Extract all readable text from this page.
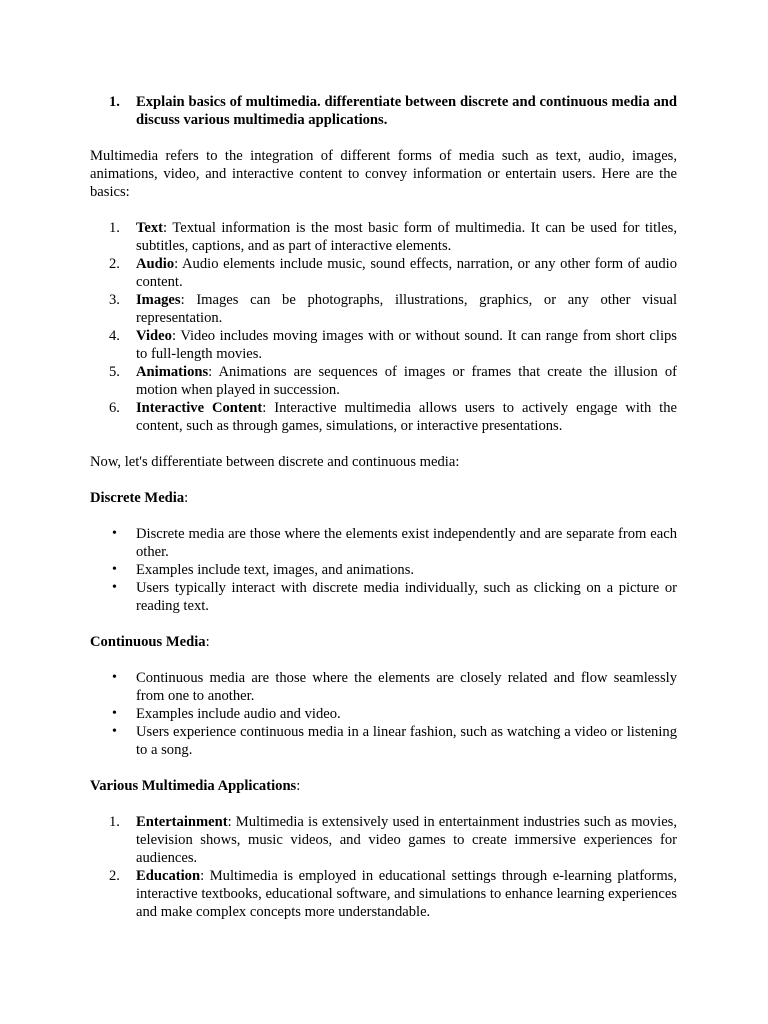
1. Explain basics of multimedia. differentiate between discrete and continuous media and discuss various multimedia applications.

Multimedia refers to the integration of different forms of media such as text, audio, images, animations, video, and interactive content to convey information or entertain users. Here are the basics:

1. Text: Textual information is the most basic form of multimedia. It can be used for titles, subtitles, captions, and as part of interactive elements.
2. Audio: Audio elements include music, sound effects, narration, or any other form of audio content.
3. Images: Images can be photographs, illustrations, graphics, or any other visual representation.
4. Video: Video includes moving images with or without sound. It can range from short clips to full-length movies.
5. Animations: Animations are sequences of images or frames that create the illusion of motion when played in succession.
6. Interactive Content: Interactive multimedia allows users to actively engage with the content, such as through games, simulations, or interactive presentations.

Now, let's differentiate between discrete and continuous media:

Discrete Media:

• Discrete media are those where the elements exist independently and are separate from each other.
• Examples include text, images, and animations.
• Users typically interact with discrete media individually, such as clicking on a picture or reading text.

Continuous Media:

• Continuous media are those where the elements are closely related and flow seamlessly from one to another.
• Examples include audio and video.
• Users experience continuous media in a linear fashion, such as watching a video or listening to a song.

Various Multimedia Applications:

1. Entertainment: Multimedia is extensively used in entertainment industries such as movies, television shows, music videos, and video games to create immersive experiences for audiences.
2. Education: Multimedia is employed in educational settings through e-learning platforms, interactive textbooks, educational software, and simulations to enhance learning experiences and make complex concepts more understandable.
